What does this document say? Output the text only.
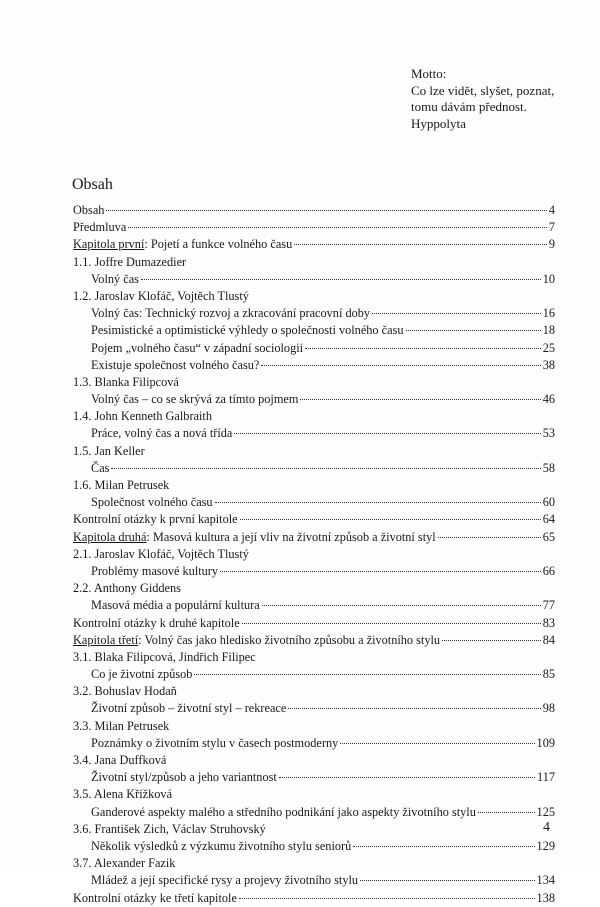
Motto:
Co lze vidět, slyšet, poznat,
tomu dávám přednost.
Hyppolyta
Obsah
Obsah	4
Předmluva	7
Kapitola první: Pojetí a funkce volného času	9
1.1. Joffre Dumazedier
Volný čas	10
1.2. Jaroslav Klofáč, Vojtěch Tlustý
Volný čas: Technický rozvoj a zkracování pracovní doby	16
Pesimistické a optimistické výhledy o společnosti volného času	18
Pojem „volného času“ v západní sociologii	25
Existuje společnost volného času?	38
1.3. Blanka Filipcová
Volný čas – co se skrývá za tímto pojmem	46
1.4. John Kenneth Galbraith
Práce, volný čas a nová třída	53
1.5. Jan Keller
Čas	58
1.6. Milan Petrusek
Společnost volného času	60
Kontrolní otázky k první kapitole	64
Kapitola druhá: Masová kultura a její vliv na životní způsob a životní styl	65
2.1. Jaroslav Klofáč, Vojtěch Tlustý
Problémy masové kultury	66
2.2. Anthony Giddens
Masová média a populární kultura	77
Kontrolní otázky k druhé kapitole	83
Kapitola třetí: Volný čas jako hledisko životního způsobu a životního stylu	84
3.1. Blaka Filipcová, Jindřich Filipec
Co je životní způsob	85
3.2. Bohuslav Hodaň
Životní způsob – životní styl – rekreace	98
3.3. Milan Petrusek
Poznámky o životním stylu v časech postmoderny	109
3.4. Jana Duffková
Životní styl/způsob a jeho variantnost	117
3.5. Alena Křížková
Ganderové aspekty malého a středního podnikání jako aspekty životního stylu	125
3.6. František Zich, Václav Struhovský
Několik výsledků z výzkumu životního stylu seniorů	129
3.7. Alexander Fazik
Mládež a její specifické rysy a projevy životního stylu	134
Kontrolní otázky ke třetí kapitole	138
4
